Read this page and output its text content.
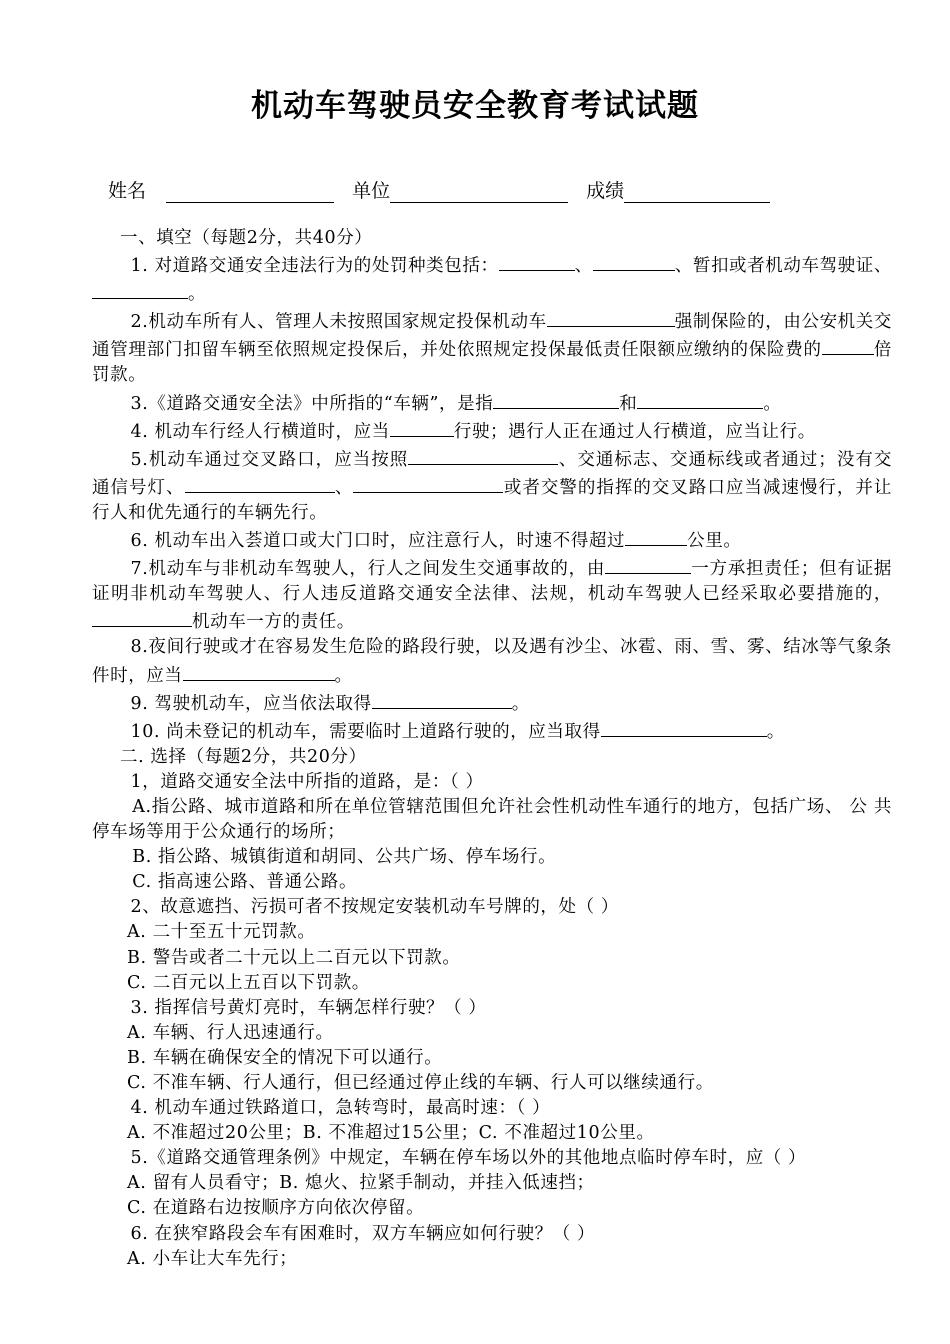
机动车驾驶员安全教育考试试题
姓名	单位	成绩

一、填空（每题2分，共40分）

1. 对道路交通安全违法行为的处罚种类包括：	、	、暂扣或者机动车驾驶证、。

2.机动车所有人、管理人未按照国家规定投保机动车	强制保险的，由公安机关交通管理部门扣留车辆至依照规定投保后，并处依照规定投保最低责任限额应缴纳的保险费的	倍罚款。

3.《道路交通安全法》中所指的“车辆”，是指	和	。

4. 机动车行经人行横道时，应当	行驶；遇行人正在通过人行横道，应当让行。

5.机动车通过交叉路口，应当按照	、交通标志、交通标线或者通过；没有交通信号灯、	、	或者交警的指挥的交叉路口应当减速慢行，并让行人和优先通行的车辆先行。

6. 机动车出入荟道口或大门口时，应注意行人，时速不得超过	公里。

7.机动车与非机动车驾驶人，行人之间发生交通事故的，由	一方承担责任；但有证据证明非机动车驾驶人、行人违反道路交通安全法律、法规，机动车驾驶人已经采取必要措施的，机动车一方的责任。

8.夜间行驶或才在容易发生危险的路段行驶，以及遇有沙尘、冰雹、雨、雪、雾、结冰等气象条件时，应当	。

9. 驾驶机动车，应当依法取得	。

10. 尚未登记的机动车，需要临时上道路行驶的，应当取得	。

二. 选择（每题2分，共20分）

1，道路交通安全法中所指的道路，是：（ ）

A.指公路、城市道路和所在单位管辖范围但允许社会性机动性车通行的地方，包括广场、 公 共停车场等用于公众通行的场所；

B. 指公路、城镇街道和胡同、公共广场、停车场行。

C. 指高速公路、普通公路。

2、故意遮挡、污损可者不按规定安装机动车号牌的，处（ ）

A. 二十至五十元罚款。

B. 警告或者二十元以上二百元以下罚款。

C. 二百元以上五百以下罚款。

3. 指挥信号黄灯亮时，车辆怎样行驶？（ ）

A. 车辆、行人迅速通行。

B. 车辆在确保安全的情况下可以通行。

C. 不准车辆、行人通行，但已经通过停止线的车辆、行人可以继续通行。

4. 机动车通过铁路道口，急转弯时，最高时速：（ ）

A. 不准超过20公里；B. 不准超过15公里；C. 不准超过10公里。

5.《道路交通管理条例》中规定，车辆在停车场以外的其他地点临时停车时，应（ ）

A. 留有人员看守；B. 熄火、拉紧手制动，并挂入低速挡；

C. 在道路右边按顺序方向依次停留。

6. 在狭窄路段会车有困难时，双方车辆应如何行驶？（ ）

A. 小车让大车先行；
